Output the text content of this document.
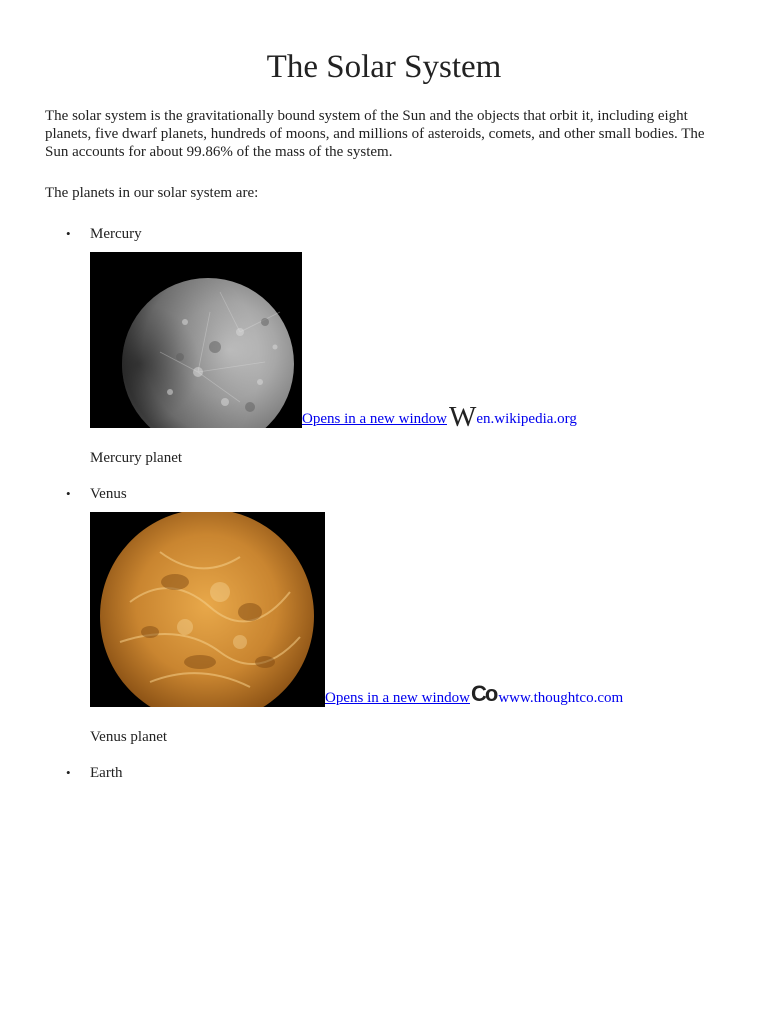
The Solar System

The solar system is the gravitationally bound system of the Sun and the objects that orbit it, including eight planets, five dwarf planets, hundreds of moons, and millions of asteroids, comets, and other small bodies. The Sun accounts for about 99.86% of the mass of the system.

The planets in our solar system are:

• Mercury
Opens in a new windowWen.wikipedia.org
Mercury planet
• Venus
Opens in a new windowCo www.thoughtco.com
Venus planet
• Earth
